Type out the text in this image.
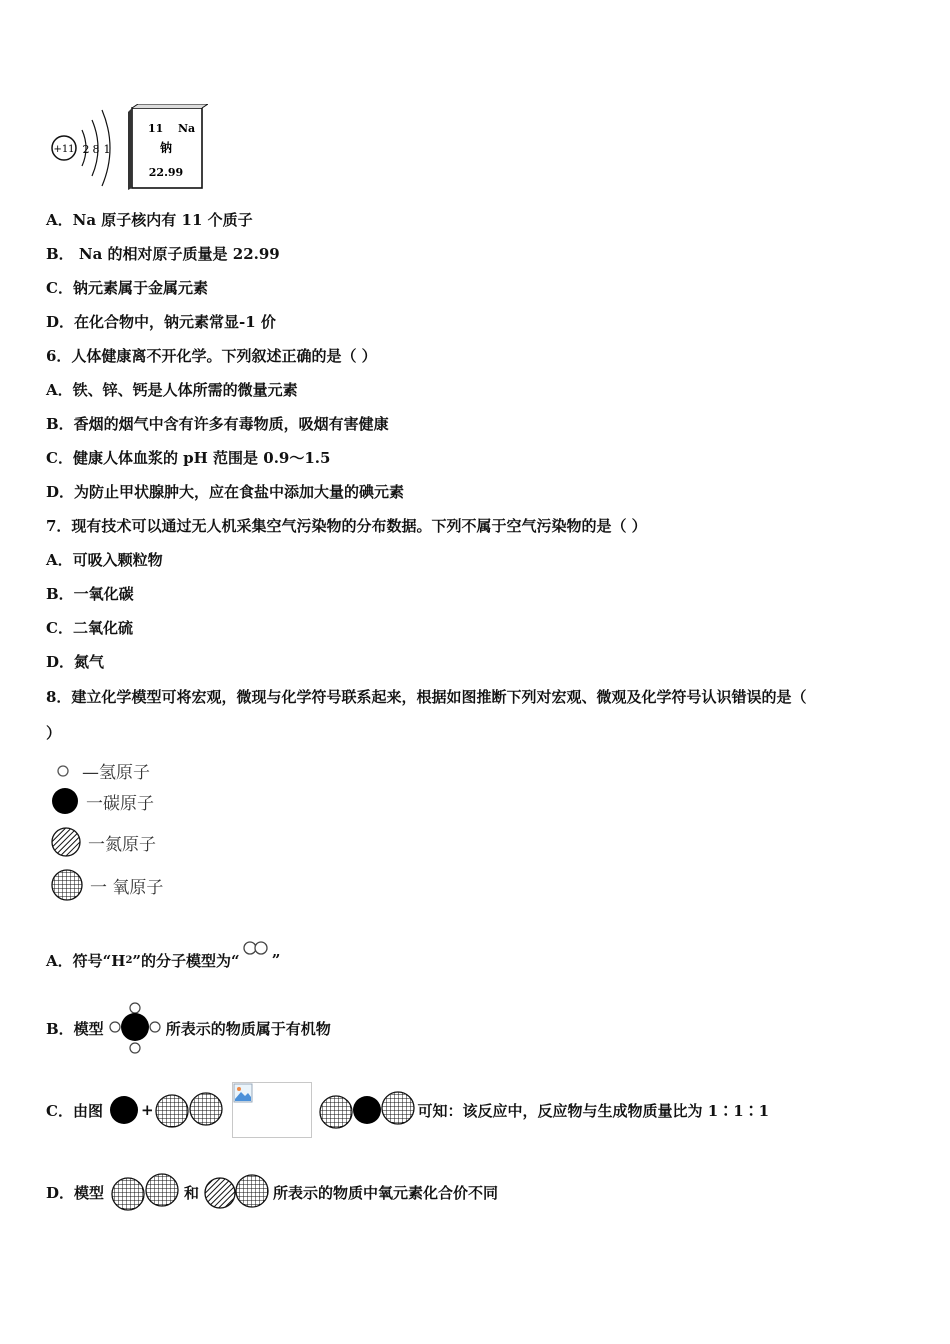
+11 2 8 1
11 Na
钠
22.99
A．Na 原子核内有 11 个质子
B． Na 的相对原子质量是 22.99
C．钠元素属于金属元素
D．在化合物中，钠元素常显-1 价
6．人体健康离不开化学。下列叙述正确的是（ ）
A．铁、锌、钙是人体所需的微量元素
B．香烟的烟气中含有许多有毒物质，吸烟有害健康
C．健康人体血浆的 pH 范围是 0.9～1.5
D．为防止甲状腺肿大，应在食盐中添加大量的碘元素
7．现有技术可以通过无人机采集空气污染物的分布数据。下列不属于空气污染物的是（ ）
A．可吸入颗粒物
B．一氧化碳
C．二氧化硫
D．氮气
8．建立化学模型可将宏观，微现与化学符号联系起来，根据如图推断下列对宏观、微观及化学符号认识错误的是（
）
—氢原子
一碳原子
一氮原子
一 氧原子
A．符号“H 2 ”的分子模型为“ ”
B．模型	所表示的物质属于有机物
C．由图	+	可知：该反应中，反应物与生成物质量比为 1∶1∶1
D．模型	和	所表示的物质中氧元素化合价不同
